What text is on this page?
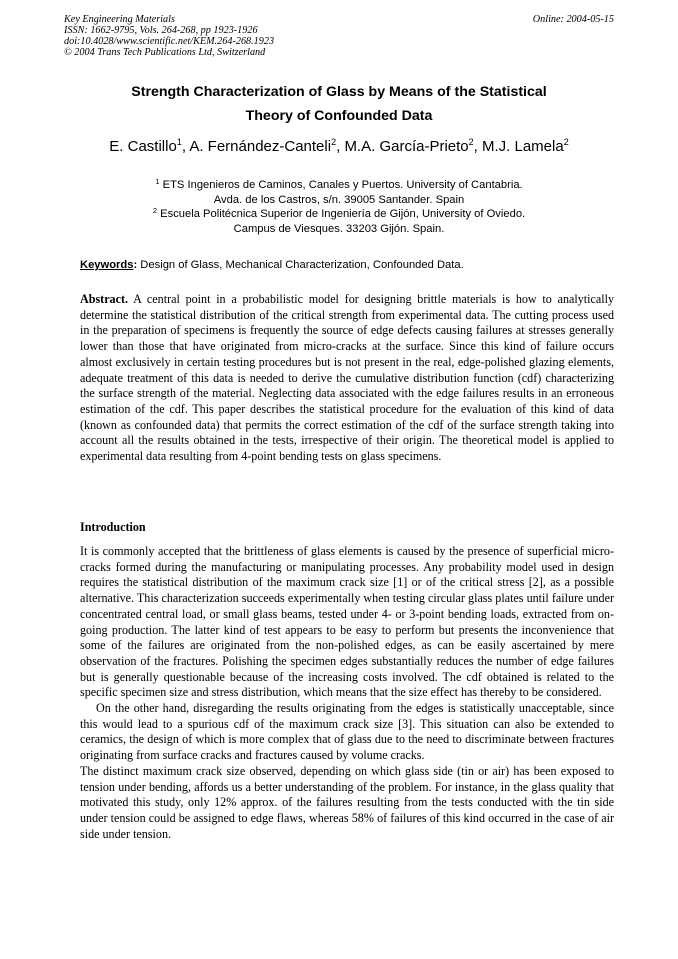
Key Engineering Materials
ISSN: 1662-9795, Vols. 264-268, pp 1923-1926
doi:10.4028/www.scientific.net/KEM.264-268.1923
© 2004 Trans Tech Publications Ltd, Switzerland
Online: 2004-05-15
Strength Characterization of Glass by Means of the Statistical
Theory of Confounded Data
E. Castillo$^1$, A. Fernández-Canteli$^2$, M.A. García-Prieto$^2$, M.J. Lamela$^2$
$^1$ ETS Ingenieros de Caminos, Canales y Puertos. University of Cantabria.
Avda. de los Castros, s/n. 39005 Santander. Spain
$^2$ Escuela Politécnica Superior de Ingeniería de Gijón, University of Oviedo.
Campus de Viesques. 33203 Gijón. Spain.
Keywords: Design of Glass, Mechanical Characterization, Confounded Data.
Abstract. A central point in a probabilistic model for designing brittle materials is how to analytically determine the statistical distribution of the critical strength from experimental data. The cutting process used in the preparation of specimens is frequently the source of edge defects causing failures at stresses generally lower than those that have originated from micro-cracks at the surface. Since this kind of failure occurs almost exclusively in certain testing procedures but is not present in the real, edge-polished glazing elements, adequate treatment of this data is needed to derive the cumulative distribution function (cdf) characterizing the surface strength of the material. Neglecting data associated with the edge failures results in an erroneous estimation of the cdf. This paper describes the statistical procedure for the evaluation of this kind of data (known as confounded data) that permits the correct estimation of the cdf of the surface strength taking into account all the results obtained in the tests, irrespective of their origin. The theoretical model is applied to experimental data resulting from 4-point bending tests on glass specimens.
Introduction

It is commonly accepted that the brittleness of glass elements is caused by the presence of superficial micro-cracks formed during the manufacturing or manipulating processes. Any probability model used in design requires the statistical distribution of the maximum crack size [1] or of the critical stress [2], as a possible alternative. This characterization succeeds experimentally when testing circular glass plates until failure under concentrated central load, or small glass beams, tested under 4- or 3-point bending loads, extracted from on-going production. The latter kind of test appears to be easy to perform but presents the inconvenience that some of the failures are originated from the non-polished edges, as can be easily ascertained by mere observation of the fractures. Polishing the specimen edges substantially reduces the number of edge failures but is generally questionable because of the increasing costs involved. The cdf obtained is related to the specific specimen size and stress distribution, which means that the size effect has thereby to be considered.

On the other hand, disregarding the results originating from the edges is statistically unacceptable, since this would lead to a spurious cdf of the maximum crack size [3]. This situation can also be extended to ceramics, the design of which is more complex that of glass due to the need to discriminate between fractures originating from surface cracks and fractures caused by volume cracks.

The distinct maximum crack size observed, depending on which glass side (tin or air) has been exposed to tension under bending, affords us a better understanding of the problem. For instance, in the glass quality that motivated this study, only 12% approx. of the failures resulting from the tests conducted with the tin side under tension could be assigned to edge flaws, whereas 58% of failures of this kind occurred in the case of air side under tension.
